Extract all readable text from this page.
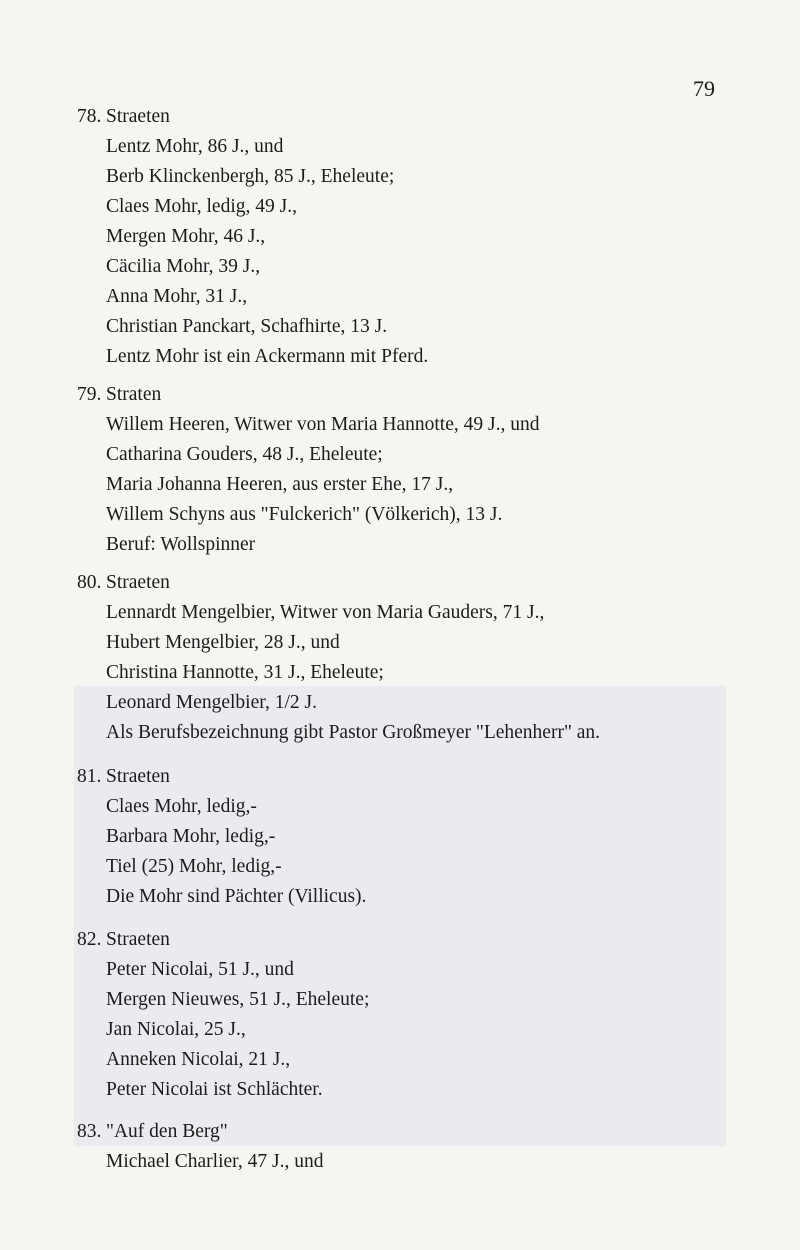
79
78. Straeten
Lentz Mohr, 86 J., und
Berb Klinckenbergh, 85 J., Eheleute;
Claes Mohr, ledig, 49 J.,
Mergen Mohr, 46 J.,
Cäcilia Mohr, 39 J.,
Anna Mohr, 31 J.,
Christian Panckart, Schafhirte, 13 J.
Lentz Mohr ist ein Ackermann mit Pferd.
79. Straten
Willem Heeren, Witwer von Maria Hannotte, 49 J., und
Catharina Gouders, 48 J., Eheleute;
Maria Johanna Heeren, aus erster Ehe, 17 J.,
Willem Schyns aus "Fulckerich" (Völkerich), 13 J.
Beruf: Wollspinner
80. Straeten
Lennardt Mengelbier, Witwer von Maria Gauders, 71 J.,
Hubert Mengelbier, 28 J., und
Christina Hannotte, 31 J., Eheleute;
Leonard Mengelbier, 1/2 J.
Als Berufsbezeichnung gibt Pastor Großmeyer "Lehenherr" an.
81. Straeten
Claes Mohr, ledig,-
Barbara Mohr, ledig,-
Tiel (25) Mohr, ledig,-
Die Mohr sind Pächter (Villicus).
82. Straeten
Peter Nicolai, 51 J., und
Mergen Nieuwes, 51 J., Eheleute;
Jan Nicolai, 25 J.,
Anneken Nicolai, 21 J.,
Peter Nicolai ist Schlächter.
83. "Auf den Berg"
Michael Charlier, 47 J., und
